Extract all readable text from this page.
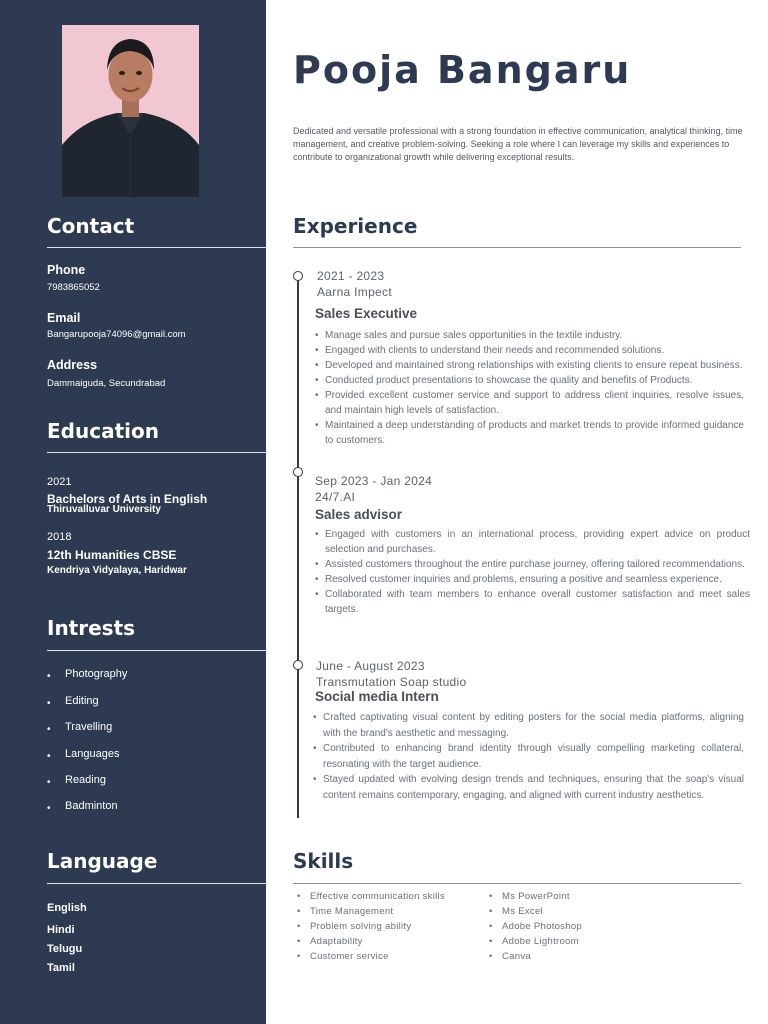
Contact
Phone
7983865052
Email
Bangarupooja74096@gmail.com
Address
Dammaiguda, Secundrabad
Education
2021
Bachelors of Arts in English
Thiruvalluvar University
2018
12th Humanities CBSE
Kendriya Vidyalaya, Haridwar
Intrests
• Photography
• Editing
• Travelling
• Languages
• Reading
• Badminton
Language
English
Hindi
Telugu
Tamil
Pooja Bangaru
Dedicated and versatile professional with a strong foundation in effective communication, analytical thinking, time management, and creative problem-solving. Seeking a role where I can leverage my skills and experiences to contribute to organizational growth while delivering exceptional results.
Experience
2021 - 2023
Aarna Impect
Sales Executive
• Manage sales and pursue sales opportunities in the textile industry.
• Engaged with clients to understand their needs and recommended solutions.
• Developed and maintained strong relationships with existing clients to ensure repeat business.
• Conducted product presentations to showcase the quality and benefits of Products.
• Provided excellent customer service and support to address client inquiries, resolve issues, and maintain high levels of satisfaction.
• Maintained a deep understanding of products and market trends to provide informed guidance to customers.
Sep 2023 - Jan 2024
24/7.AI
Sales advisor
• Engaged with customers in an international process, providing expert advice on product selection and purchases.
• Assisted customers throughout the entire purchase journey, offering tailored recommendations.
• Resolved customer inquiries and problems, ensuring a positive and seamless experience.
• Collaborated with team members to enhance overall customer satisfaction and meet sales targets.
June - August 2023
Transmutation Soap studio
Social media Intern
• Crafted captivating visual content by editing posters for the social media platforms, aligning with the brand's aesthetic and messaging.
• Contributed to enhancing brand identity through visually compelling marketing collateral, resonating with the target audience.
• Stayed updated with evolving design trends and techniques, ensuring that the soap's visual content remains contemporary, engaging, and aligned with current industry aesthetics.
Skills
• Effective communication skills
• Time Management
• Problem solving ability
• Adaptability
• Customer service
• Ms PowerPoint
• Ms Excel
• Adobe Photoshop
• Adobe Lightroom
• Canva
